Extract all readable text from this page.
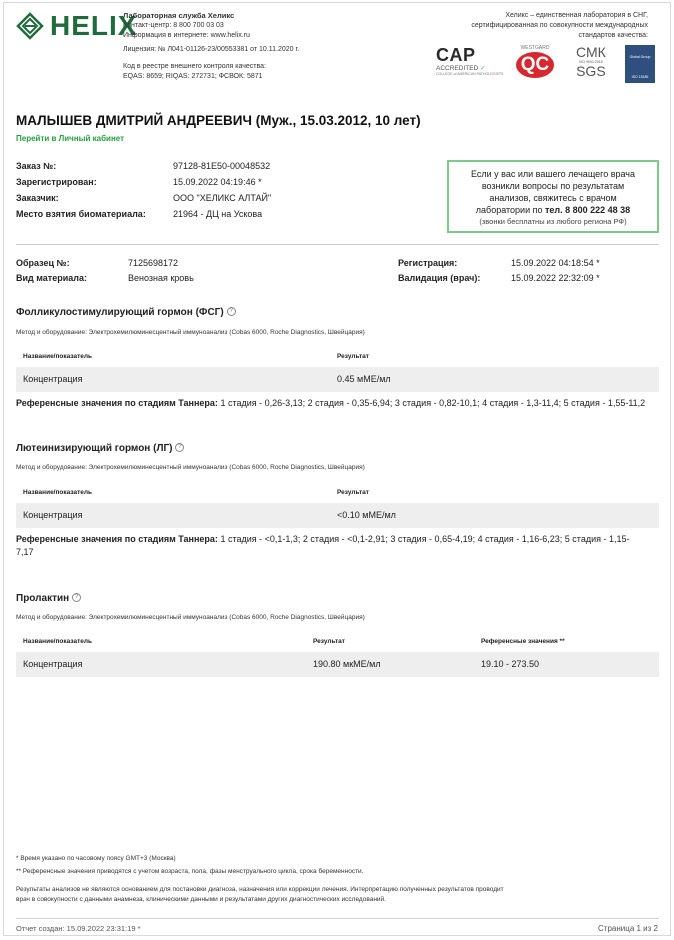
HELIX
Лабораторная служба Хеликс
Контакт-центр: 8 800 700 03 03
Информация в интернете: www.helix.ru
Лицензия: № Л041-01126-23/00553381 от 10.11.2020 г.
Код в реестре внешнего контроля качества:
EQAS: 8659; RIQAS: 272731; ФСВОК: 5871
Хеликс – единственная лаборатория в СНГ,
сертифицированная по совокупности международных
стандартов качества:
CAP
ACCREDITED ✓
COLLEGE of AMERICAN PATHOLOGISTS
WESTGARD
QC
СМК
ISO 9001:2015
SGS
Global Group
ISO 15189
МАЛЫШЕВ ДМИТРИЙ АНДРЕЕВИЧ (Муж., 15.03.2012, 10 лет)
Перейти в Личный кабинет
Заказ №:	97128-81E50-00048532
Зарегистрирован:	15.09.2022 04:19:46 *
Заказчик:	ООО "ХЕЛИКС АЛТАЙ"
Место взятия биоматериала:	21964 - ДЦ на Ускова
Если у вас или вашего лечащего врача
возникли вопросы по результатам
анализов, свяжитесь с врачом
лаборатории по тел. 8 800 222 48 38
(звонки бесплатны из любого региона РФ)
Образец №:	7125698172
Вид материала:	Венозная кровь
Регистрация:	15.09.2022 04:18:54 *
Валидация (врач):	15.09.2022 22:32:09 *
Фолликулостимулирующий гормон (ФСГ) ?
Метод и оборудование: Электрохемилюминесцентный иммуноанализ (Cobas 6000, Roche Diagnostics, Швейцария)
Название/показатель	Результат
Концентрация	0.45 мМЕ/мл
Референсные значения по стадиям Таннера: 1 стадия - 0,26-3,13; 2 стадия - 0,35-6,94; 3 стадия - 0,82-10,1; 4 стадия - 1,3-11,4; 5 стадия - 1,55-11,2
Лютеинизирующий гормон (ЛГ) ?
Метод и оборудование: Электрохемилюминесцентный иммуноанализ (Cobas 6000, Roche Diagnostics, Швейцария)
Название/показатель	Результат
Концентрация	<0.10 мМЕ/мл
Референсные значения по стадиям Таннера: 1 стадия - <0,1-1,3; 2 стадия - <0,1-2,91; 3 стадия - 0,65-4,19; 4 стадия - 1,16-6,23; 5 стадия - 1,15-7,17
Пролактин ?
Метод и оборудование: Электрохемилюминесцентный иммуноанализ (Cobas 6000, Roche Diagnostics, Швейцария)
Название/показатель	Результат	Референсные значения **
Концентрация	190.80 мкМЕ/мл	19.10 - 273.50
* Время указано по часовому поясу GMT+3 (Москва)
** Референсные значения приводятся с учетом возраста, пола, фазы менструального цикла, срока беременности.
Результаты анализов не являются основанием для постановки диагноза, назначения или коррекции лечения. Интерпретацию полученных результатов проводит
врач в совокупности с данными анамнеза, клиническими данными и результатами других диагностических исследований.
Отчет создан: 15.09.2022 23:31:19 *	Страница 1 из 2
